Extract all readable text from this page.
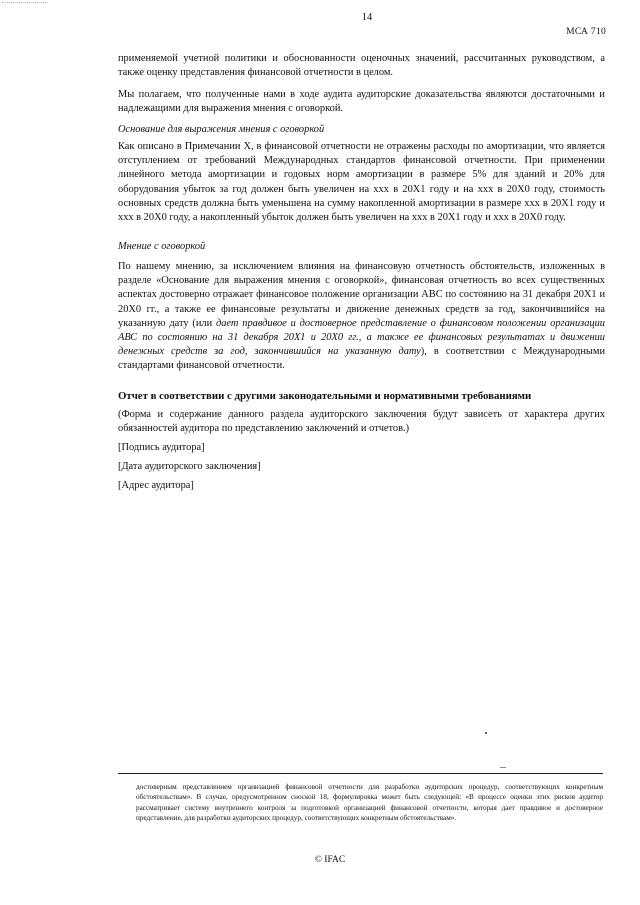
14
МСА 710

применяемой учетной политики и обоснованности оценочных значений, рассчитанных руководством, а также оценку представления финансовой отчетности в целом.

Мы полагаем, что полученные нами в ходе аудита аудиторские доказательства являются достаточными и надлежащими для выражения мнения с оговоркой.

Основание для выражения мнения с оговоркой

Как описано в Примечании Х, в финансовой отчетности не отражены расходы по амортизации, что является отступлением от требований Международных стандартов финансовой отчетности. При применении линейного метода амортизации и годовых норм амортизации в размере 5% для зданий и 20% для оборудования убыток за год должен быть увеличен на ххх в 20Х1 году и на ххх в 20Х0 году, стоимость основных средств должна быть уменьшена на сумму накопленной амортизации в размере ххх в 20Х1 году и ххх в 20Х0 году, а накопленный убыток должен быть увеличен на ххх в 20Х1 году и ххх в 20Х0 году.

Мнение с оговоркой

По нашему мнению, за исключением влияния на финансовую отчетность обстоятельств, изложенных в разделе «Основание для выражения мнения с оговоркой», финансовая отчетность во всех существенных аспектах достоверно отражает финансовое положение организации АВС по состоянию на 31 декабря 20Х1 и 20Х0 гг., а также ее финансовые результаты и движение денежных средств за год, закончившийся на указанную дату (или дает правдивое и достоверное представление о финансовом положении организации АВС по состоянию на 31 декабря 20Х1 и 20Х0 гг., а также ее финансовых результатах и движении денежных средств за год, закончившийся на указанную дату), в соответствии с Международными стандартами финансовой отчетности.

Отчет в соответствии с другими законодательными и нормативными требованиями

(Форма и содержание данного раздела аудиторского заключения будут зависеть от характера других обязанностей аудитора по представлению заключений и отчетов.)

[Подпись аудитора]
[Дата аудиторского заключения]
[Адрес аудитора]
достоверным представлением организацией финансовой отчетности для разработки аудиторских процедур, соответствующих конкретным обстоятельствам». В случае, предусмотренном сноской 18, формулировка может быть следующей: «В процессе оценки этих рисков аудитор рассматривает систему внутреннего контроля за подготовкой организацией финансовой отчетности, которая дает правдивое и достоверное представление, для разработки аудиторских процедур, соответствующих конкретным обстоятельствам».
© IFAC
